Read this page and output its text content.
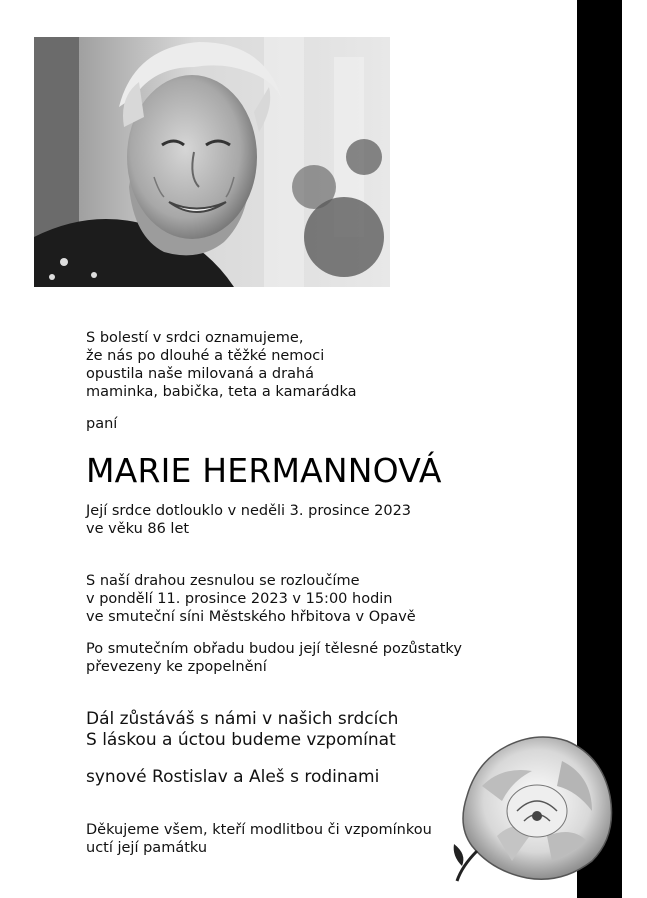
S bolestí v srdci oznamujeme,
že nás po dlouhé a těžké nemoci
opustila naše milovaná a drahá
maminka, babička, teta a kamarádka
paní
MARIE HERMANNOVÁ
Její srdce dotlouklo v neděli 3. prosince 2023
ve věku 86 let
S naší drahou zesnulou se rozloučíme
v pondělí 11. prosince 2023 v 15:00 hodin
ve smuteční síni Městského hřbitova v Opavě
Po smutečním obřadu budou její tělesné pozůstatky
převezeny ke zpopelnění
Dál zůstáváš s námi v našich srdcích
S láskou a úctou budeme vzpomínat
synové Rostislav a Aleš s rodinami
Děkujeme všem, kteří modlitbou či vzpomínkou
uctí její památku
